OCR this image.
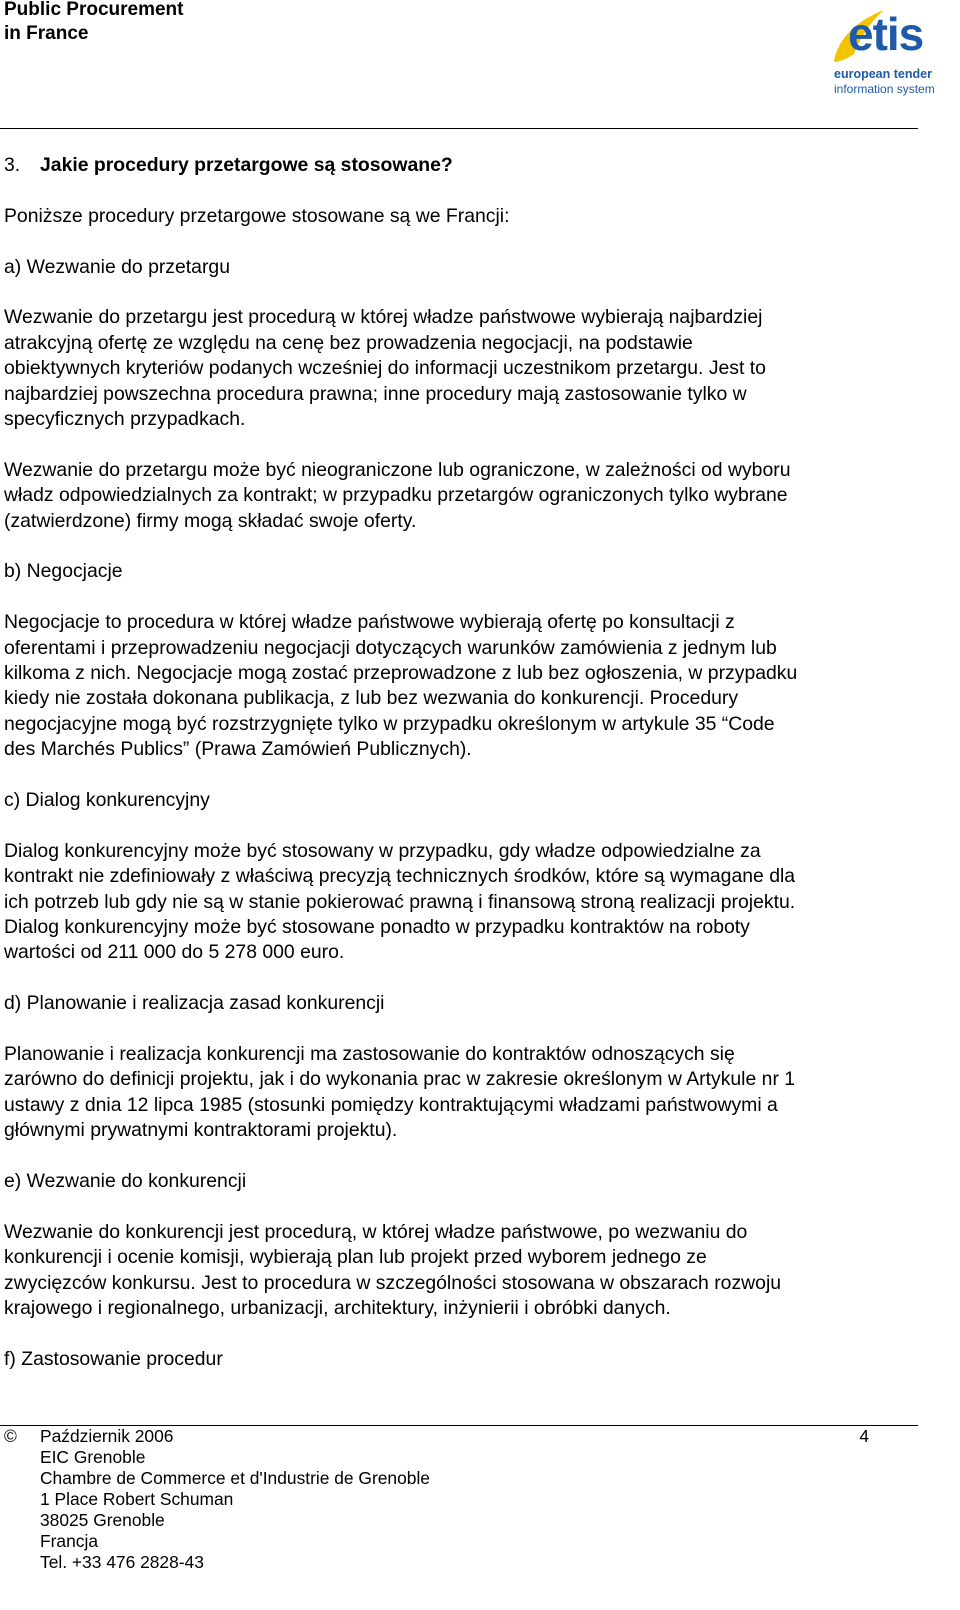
Public Procurement
in France	etis
european tender
information system

3. Jakie procedury przetargowe są stosowane?

Poniższe procedury przetargowe stosowane są we Francji:

a) Wezwanie do przetargu

Wezwanie do przetargu jest procedurą w której władze państwowe wybierają najbardziej
atrakcyjną ofertę ze względu na cenę bez prowadzenia negocjacji, na podstawie
obiektywnych kryteriów podanych wcześniej do informacji uczestnikom przetargu. Jest to
najbardziej powszechna procedura prawna; inne procedury mają zastosowanie tylko w
specyficznych przypadkach.

Wezwanie do przetargu może być nieograniczone lub ograniczone, w zależności od wyboru
władz odpowiedzialnych za kontrakt; w przypadku przetargów ograniczonych tylko wybrane
(zatwierdzone) firmy mogą składać swoje oferty.

b) Negocjacje

Negocjacje to procedura w której władze państwowe wybierają ofertę po konsultacji z
oferentami i przeprowadzeniu negocjacji dotyczących warunków zamówienia z jednym lub
kilkoma z nich. Negocjacje mogą zostać przeprowadzone z lub bez ogłoszenia, w przypadku
kiedy nie została dokonana publikacja, z lub bez wezwania do konkurencji. Procedury
negocjacyjne mogą być rozstrzygnięte tylko w przypadku określonym w artykule 35 “Code
des Marchés Publics” (Prawa Zamówień Publicznych).

c) Dialog konkurencyjny

Dialog konkurencyjny może być stosowany w przypadku, gdy władze odpowiedzialne za
kontrakt nie zdefiniowały z właściwą precyzją technicznych środków, które są wymagane dla
ich potrzeb lub gdy nie są w stanie pokierować prawną i finansową stroną realizacji projektu.
Dialog konkurencyjny może być stosowane ponadto w przypadku kontraktów na roboty
wartości od 211 000 do 5 278 000 euro.

d) Planowanie i realizacja zasad konkurencji

Planowanie i realizacja konkurencji ma zastosowanie do kontraktów odnoszących się
zarówno do definicji projektu, jak i do wykonania prac w zakresie określonym w Artykule nr 1
ustawy z dnia 12 lipca 1985 (stosunki pomiędzy kontraktującymi władzami państwowymi a
głównymi prywatnymi kontraktorami projektu).

e) Wezwanie do konkurencji

Wezwanie do konkurencji jest procedurą, w której władze państwowe, po wezwaniu do
konkurencji i ocenie komisji, wybierają plan lub projekt przed wyborem jednego ze
zwycięzców konkursu. Jest to procedura w szczególności stosowana w obszarach rozwoju
krajowego i regionalnego, urbanizacji, architektury, inżynierii i obróbki danych.

f) Zastosowanie procedur

© Październik 2006	4
EIC Grenoble
Chambre de Commerce et d'Industrie de Grenoble
1 Place Robert Schuman
38025 Grenoble
Francja
Tel. +33 476 2828-43
